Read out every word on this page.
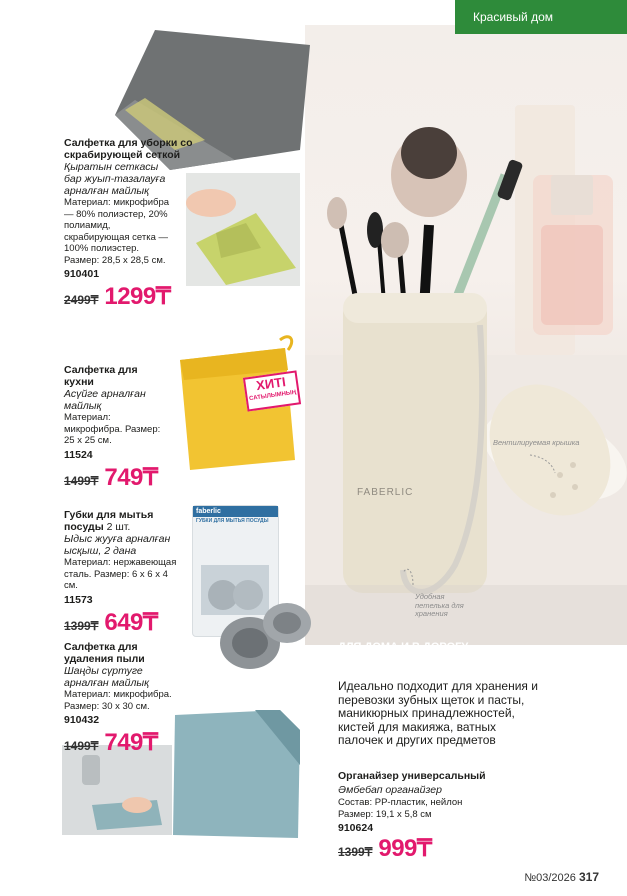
FABERLIC
Вентилируемая крышка
Удобная петелька для хранения
ДЛЯ ДОМА И В ДОРОГУ
Красивый дом
Салфетка для уборки со скрабирующей сеткой
Қыратын сеткасы бар жуып-тазалауға арналған майлық
Материал: микрофибра — 80% полиэстер, 20% полиамид, скрабирующая сетка — 100% полиэстер. Размер: 28,5 x 28,5 см.
910401
2499₸ 1299₸
ХИТІ
САТЫЛЫМНЫҢ
Салфетка для кухни
Асүйге арналған майлық
Материал: микрофибра. Размер: 25 x 25 см.
11524
1499₸ 749₸
faberlic
ГУБКИ ДЛЯ МЫТЬЯ ПОСУДЫ
Губки для мытья посуды 2 шт.
Ыдыс жууға арналған ысқыш, 2 дана
Материал: нержавеющая сталь. Размер: 6 x 6 x 4 см.
11573
1399₸ 649₸
Салфетка для удаления пыли
Шаңды сүртуге арналған майлық
Материал: микрофибра. Размер: 30 x 30 см.
910432
1499₸ 749₸
Идеально подходит для хранения и перевозки зубных щеток и пасты, маникюрных принадлежностей, кистей для макияжа, ватных палочек и других предметов
Органайзер универсальный
Әмбебап органайзер
Состав: PP-пластик, нейлон
Размер: 19,1 x 5,8 см
910624
1399₸ 999₸
№03/2026 317
